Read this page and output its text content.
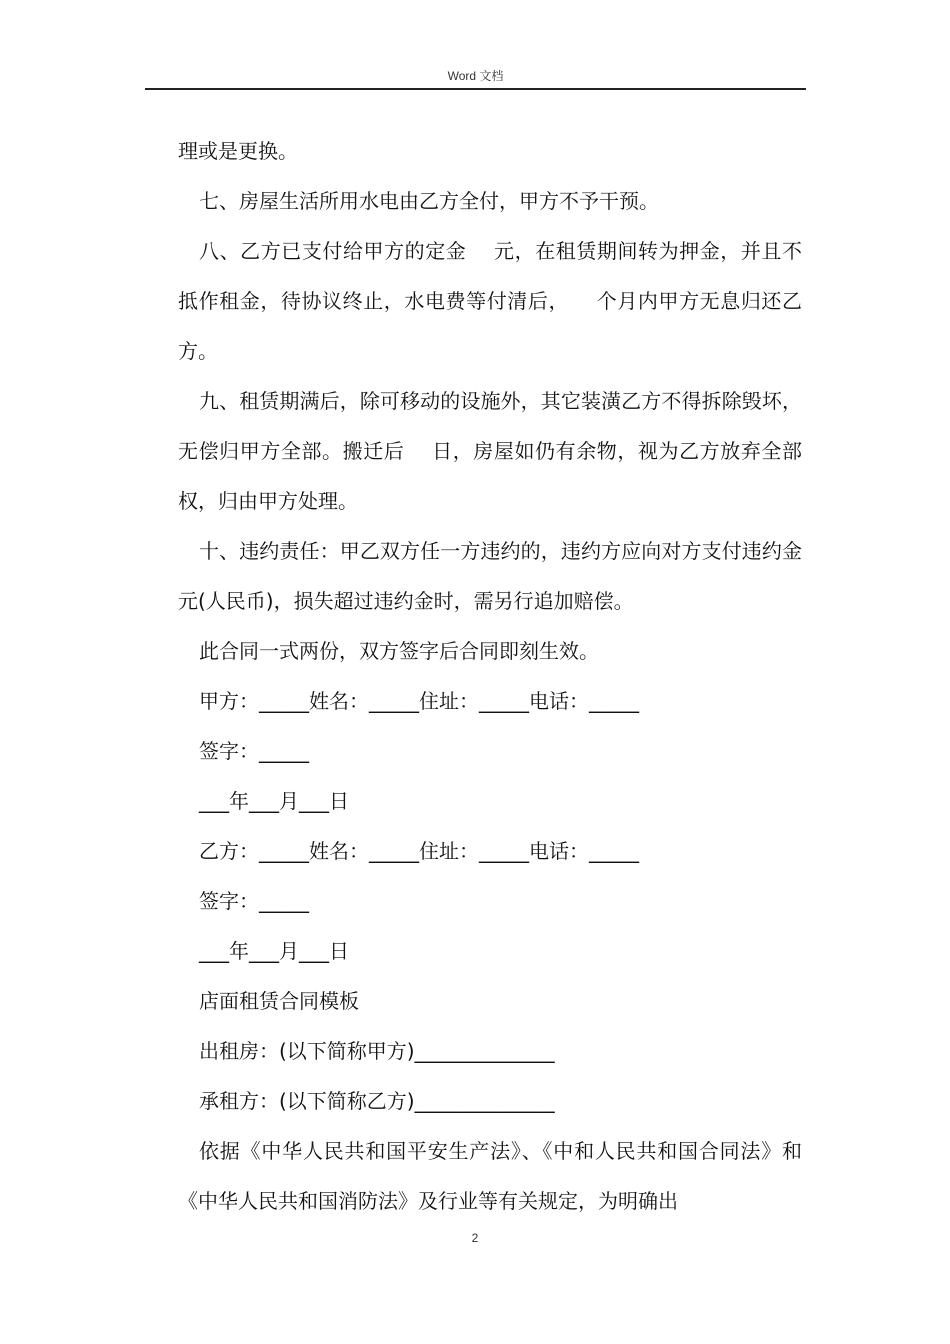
Word 文档

理或是更换。

七、房屋生活所用水电由乙方全付，甲方不予干预。

八、乙方已支付给甲方的定金    元，在租赁期间转为押金，并且不抵作租金，待协议终止，水电费等付清后，    个月内甲方无息归还乙方。

九、租赁期满后，除可移动的设施外，其它装潢乙方不得拆除毁坏，无偿归甲方全部。搬迁后    日，房屋如仍有余物，视为乙方放弃全部权，归由甲方处理。

十、违约责任：甲乙双方任一方违约的，违约方应向对方支付违约金元(人民币)，损失超过违约金时，需另行追加赔偿。

此合同一式两份，双方签字后合同即刻生效。

甲方：_____姓名：_____住址：_____电话：_____

签字：_____

___年___月___日

乙方：_____姓名：_____住址：_____电话：_____

签字：_____

___年___月___日

店面租赁合同模板

出租房：(以下简称甲方)______________

承租方：(以下简称乙方)______________

依据《中华人民共和国平安生产法》、《中和人民共和国合同法》和《中华人民共和国消防法》及行业等有关规定，为明确出

2
